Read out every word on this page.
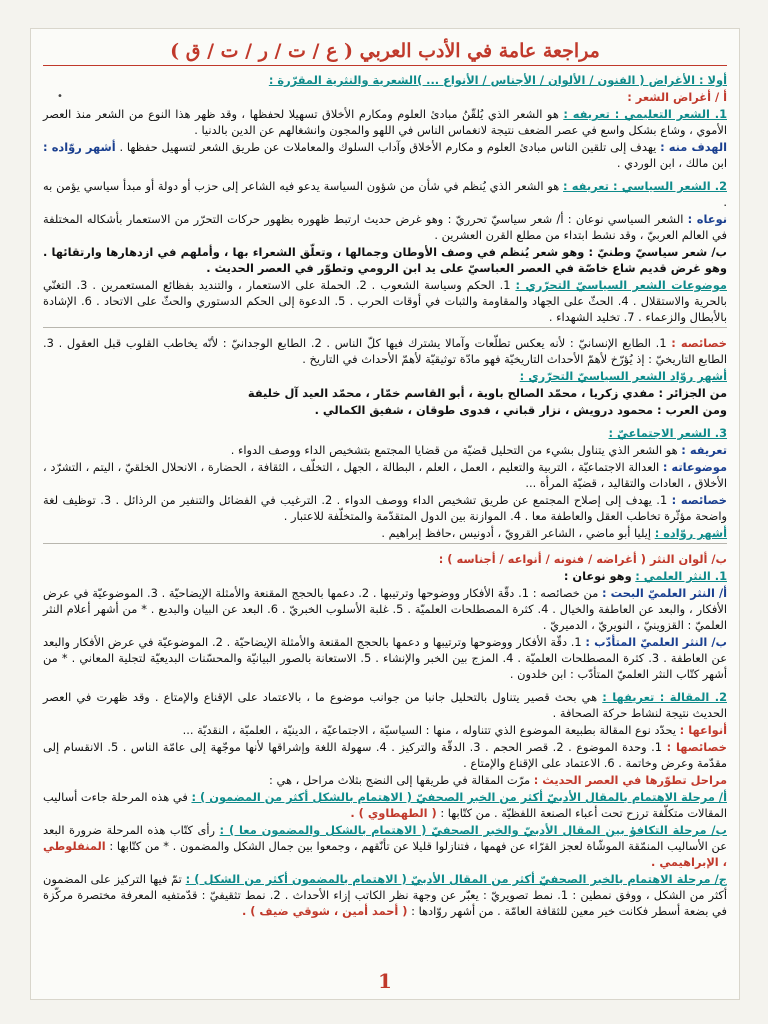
•
مراجعة عامة في الأدب العربي ( ع / ت / ر / ت / ق )
أولا : الأغراض ( الفنون / الألوان / الأجناس / الأنواع ... )الشعرية والنثرية المقرّرة :
أ / أغراض الشعر :
1. الشعر التعليمي : تعريفه : هو الشعر الذي يُلقّنُ مبادئ العلوم ومكارم الأخلاق تسهيلا لحفظها ، وقد ظهر هذا النوع من الشعر منذ العصر الأموي ، وشاع بشكل واسع في عصر الضعف نتيجة لانغماس الناس في اللهو والمجون وانشغالهم عن الدين بالدنيا .
الهدف منه : يهدف إلى تلقين الناس مبادئ العلوم و مكارم الأخلاق وآداب السلوك والمعاملات عن طريق الشعر لتسهيل حفظها . أشهر روّاده : ابن مالك ، ابن الوردي .
2. الشعر السياسي : تعريفه : هو الشعر الذي يُنظم في شأن من شؤون السياسة يدعو فيه الشاعر إلى حزب أو دولة أو مبدأ سياسي يؤمن به .
نوعاه : الشعر السياسي نوعان : أ/ شعر سياسيّ تحرريّ : وهو غرض حديث ارتبط ظهوره بظهور حركات التحرّر من الاستعمار بأشكاله المختلفة في العالم العربيّ ، وقد نشط ابتداء من مطلع القرن العشرين .
ب/ شعر سياسيّ وطنيّ : وهو شعر يُنظم في وصف الأوطان وجمالها ، وتعلّق الشعراء بها ، وأملهم في ازدهارها وارتقائها . وهو غرض قديم شاع خاصّة في العصر العباسيّ على يد ابن الرومي وتطوّر في العصر الحديث .
موضوعات الشعر السياسيّ التحرّري : 1. الحكم وسياسة الشعوب . 2. الحملة على الاستعمار ، والتنديد بفظائع المستعمرين . 3. التغنّي بالحرية والاستقلال . 4. الحثّ على الجهاد والمقاومة والثبات في أوقات الحرب . 5. الدعوة إلى الحكم الدستوري والحثّ على الاتحاد . 6. الإشادة بالأبطال والزعماء . 7. تخليد الشهداء .
خصائصه : 1. الطابع الإنسانيّ : لأنه يعكس تطلّعات وآمالا يشترك فيها كلّ الناس . 2. الطابع الوجدانيّ : لأنّه يخاطب القلوب قبل العقول . 3. الطابع التاريخيّ : إذ يُؤرّخ لأهمّ الأحداث التاريخيّة فهو مادّة توثيقيّة لأهمّ الأحداث في التاريخ .
أشهر روّاد الشعر السياسيّ التحرّري :
من الجزائر : مفدي زكريا ، محمّد الصالح باوية ، أبو القاسم خمّار ، محمّد العيد آل خليفة
ومن العرب : محمود درويش ، نزار قباني ، فدوى طوقان ، شفيق الكمالي .
3. الشعر الاجتماعيّ :
تعريفه : هو الشعر الذي يتناول بشيء من التحليل قضيّة من قضايا المجتمع بتشخيص الداء ووصف الدواء .
موضوعاته : العدالة الاجتماعيّة ، التربية والتعليم ، العمل ، العلم ، البطالة ، الجهل ، التخلّف ، الثقافة ، الحضارة ، الانحلال الخلقيّ ، اليتم ، التشرّد ، الأخلاق ، العادات والتقاليد ، قضيّة المرأة ...
خصائصه : 1. يهدف إلى إصلاح المجتمع عن طريق تشخيص الداء ووصف الدواء . 2. الترغيب في الفضائل والتنفير من الرذائل . 3. توظيف لغة واضحة مؤثّرة تخاطب العقل والعاطفة معا . 4. الموازنة بين الدول المتقدّمة والمتخلّفة للاعتبار .
أشهر روّاده : إيليا أبو ماضي ، الشاعر القرويّ ، أدونيس ،حافظ إبراهيم .
ب/ ألوان النثر ( أغراضه / فنونه / أنواعه / أجناسه ) :
1. النثر العلمي : وهو نوعان :
أ/ النثر العلميّ البحت : من خصائصه : 1. دقّة الأفكار ووضوحها وترتيبها . 2. دعمها بالحجج المقنعة والأمثلة الإيضاحيّة . 3. الموضوعيّة في عرض الأفكار ، والبعد عن العاطفة والخيال . 4. كثرة المصطلحات العلميّة . 5. غلبة الأسلوب الخبريّ . 6. البعد عن البيان والبديع . * من أشهر أعلام النثر العلميّ : القزوينيّ ، النويريّ ، الدميريّ .
ب/ النثر العلميّ المتأدّب : 1. دقّة الأفكار ووضوحها وترتيبها و دعمها بالحجج المقنعة والأمثلة الإيضاحيّة . 2. الموضوعيّة في عرض الأفكار والبعد عن العاطفة . 3. كثرة المصطلحات العلميّة . 4. المزج بين الخبر والإنشاء . 5. الاستعانة بالصور البيانيّة والمحسّنات البديعيّة لتجلية المعاني . * من أشهر كتّاب النثر العلميّ المتأدّب : ابن خلدون .
2. المقالة : تعريفها : هي بحث قصير يتناول بالتحليل جانبا من جوانب موضوع ما ، بالاعتماد على الإقناع والإمتاع . وقد ظهرت في العصر الحديث نتيجة لنشاط حركة الصحافة .
أنواعها : يحدّد نوع المقالة بطبيعة الموضوع الذي تتناوله ، منها : السياسيّة ، الاجتماعيّة ، الدينيّة ، العلميّة ، النقديّة ...
خصائصها : 1. وحدة الموضوع . 2. قصر الحجم . 3. الدقّة والتركيز . 4. سهولة اللغة وإشراقها لأنها موجّهة إلى عامّة الناس . 5. الانقسام إلى مقدّمة وعرض وخاتمة . 6. الاعتماد على الإقناع والإمتاع .
مراحل تطوّرها في العصر الحديث : مرّت المقالة في طريقها إلى النضج بثلاث مراحل ، هي :
أ/ مرحلة الاهتمام بالمقال الأدبيّ أكثر من الخبر الصحفيّ ( الاهتمام بالشكل أكثر من المضمون ) : في هذه المرحلة جاءت أساليب المقالات متكلّفة ترزح تحت أعباء الصنعة اللفظيّة . من كتّابها : ( الطهطاوي ) .
ب/ مرحلة التكافؤ بين المقال الأدبيّ والخبر الصحفيّ ( الاهتمام بالشكل والمضمون معا ) : رأى كتّاب هذه المرحلة ضرورة البعد عن الأساليب المنمّقة الموشّاة لعجز القرّاء عن فهمها ، فتنازلوا قليلا عن تأنّقهم ، وجمعوا بين جمال الشكل والمضمون . * من كتّابها : المنفلوطي ، الإبراهيمي .
ج/ مرحلة الاهتمام بالخبر الصحفيّ أكثر من المقال الأدبيّ ( الاهتمام بالمضمون أكثر من الشكل ) : تمّ فيها التركيز على المضمون أكثر من الشكل ، ووفق نمطين : 1. نمط تصويريّ : يعبّر عن وجهة نظر الكاتب إزاء الأحداث . 2. نمط تثقيفيّ : قدّمتفيه المعرفة مختصرة مركّزة في بضعة أسطر فكانت خير معين للثقافة العامّة . من أشهر روّادها : ( أحمد أمين ، شوقي ضيف ) .
1
